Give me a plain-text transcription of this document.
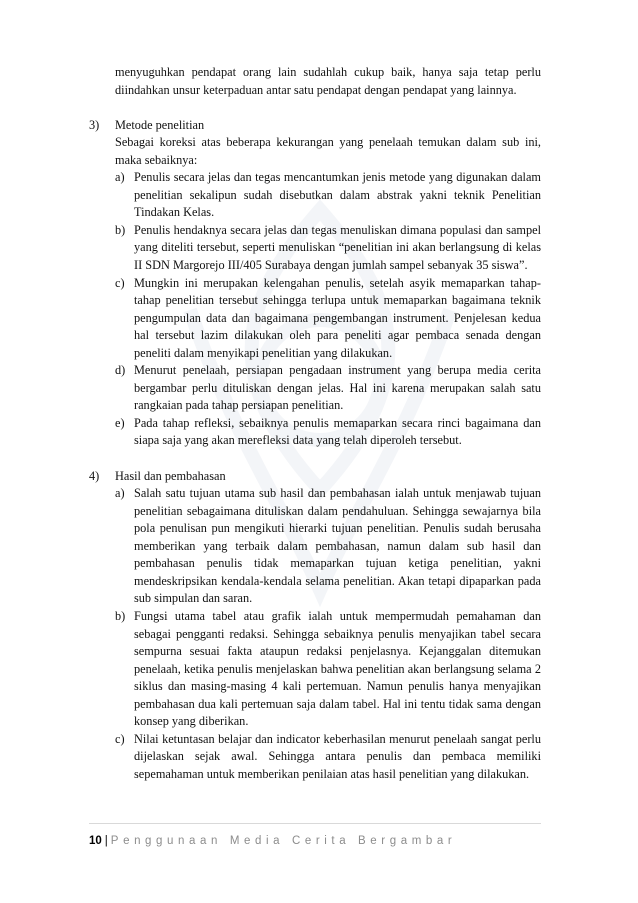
menyuguhkan pendapat orang lain sudahlah cukup baik, hanya saja tetap perlu diindahkan unsur keterpaduan antar satu pendapat dengan pendapat yang lainnya.
3) Metode penelitian
Sebagai koreksi atas beberapa kekurangan yang penelaah temukan dalam sub ini, maka sebaiknya:
a) Penulis secara jelas dan tegas mencantumkan jenis metode yang digunakan dalam penelitian sekalipun sudah disebutkan dalam abstrak yakni teknik Penelitian Tindakan Kelas.
b) Penulis hendaknya secara jelas dan tegas menuliskan dimana populasi dan sampel yang diteliti tersebut, seperti menuliskan “penelitian ini akan berlangsung di kelas II SDN Margorejo III/405 Surabaya dengan jumlah sampel sebanyak 35 siswa”.
c) Mungkin ini merupakan kelengahan penulis, setelah asyik memaparkan tahap-tahap penelitian tersebut sehingga terlupa untuk memaparkan bagaimana teknik pengumpulan data dan bagaimana pengembangan instrument. Penjelesan kedua hal tersebut lazim dilakukan oleh para peneliti agar pembaca senada dengan peneliti dalam menyikapi penelitian yang dilakukan.
d) Menurut penelaah, persiapan pengadaan instrument yang berupa media cerita bergambar perlu dituliskan dengan jelas. Hal ini karena merupakan salah satu rangkaian pada tahap persiapan penelitian.
e) Pada tahap refleksi, sebaiknya penulis memaparkan secara rinci bagaimana dan siapa saja yang akan merefleksi data yang telah diperoleh tersebut.
4) Hasil dan pembahasan
a) Salah satu tujuan utama sub hasil dan pembahasan ialah untuk menjawab tujuan penelitian sebagaimana dituliskan dalam pendahuluan. Sehingga sewajarnya bila pola penulisan pun mengikuti hierarki tujuan penelitian. Penulis sudah berusaha memberikan yang terbaik dalam pembahasan, namun dalam sub hasil dan pembahasan penulis tidak memaparkan tujuan ketiga penelitian, yakni mendeskripsikan kendala-kendala selama penelitian. Akan tetapi dipaparkan pada sub simpulan dan saran.
b) Fungsi utama tabel atau grafik ialah untuk mempermudah pemahaman dan sebagai pengganti redaksi. Sehingga sebaiknya penulis menyajikan tabel secara sempurna sesuai fakta ataupun redaksi penjelasnya. Kejanggalan ditemukan penelaah, ketika penulis menjelaskan bahwa penelitian akan berlangsung selama 2 siklus dan masing-masing 4 kali pertemuan. Namun penulis hanya menyajikan pembahasan dua kali pertemuan saja dalam tabel. Hal ini tentu tidak sama dengan konsep yang diberikan.
c) Nilai ketuntasan belajar dan indicator keberhasilan menurut penelaah sangat perlu dijelaskan sejak awal. Sehingga antara penulis dan pembaca memiliki sepemahaman untuk memberikan penilaian atas hasil penelitian yang dilakukan.
10 | Penggunaan Media Cerita Bergambar
